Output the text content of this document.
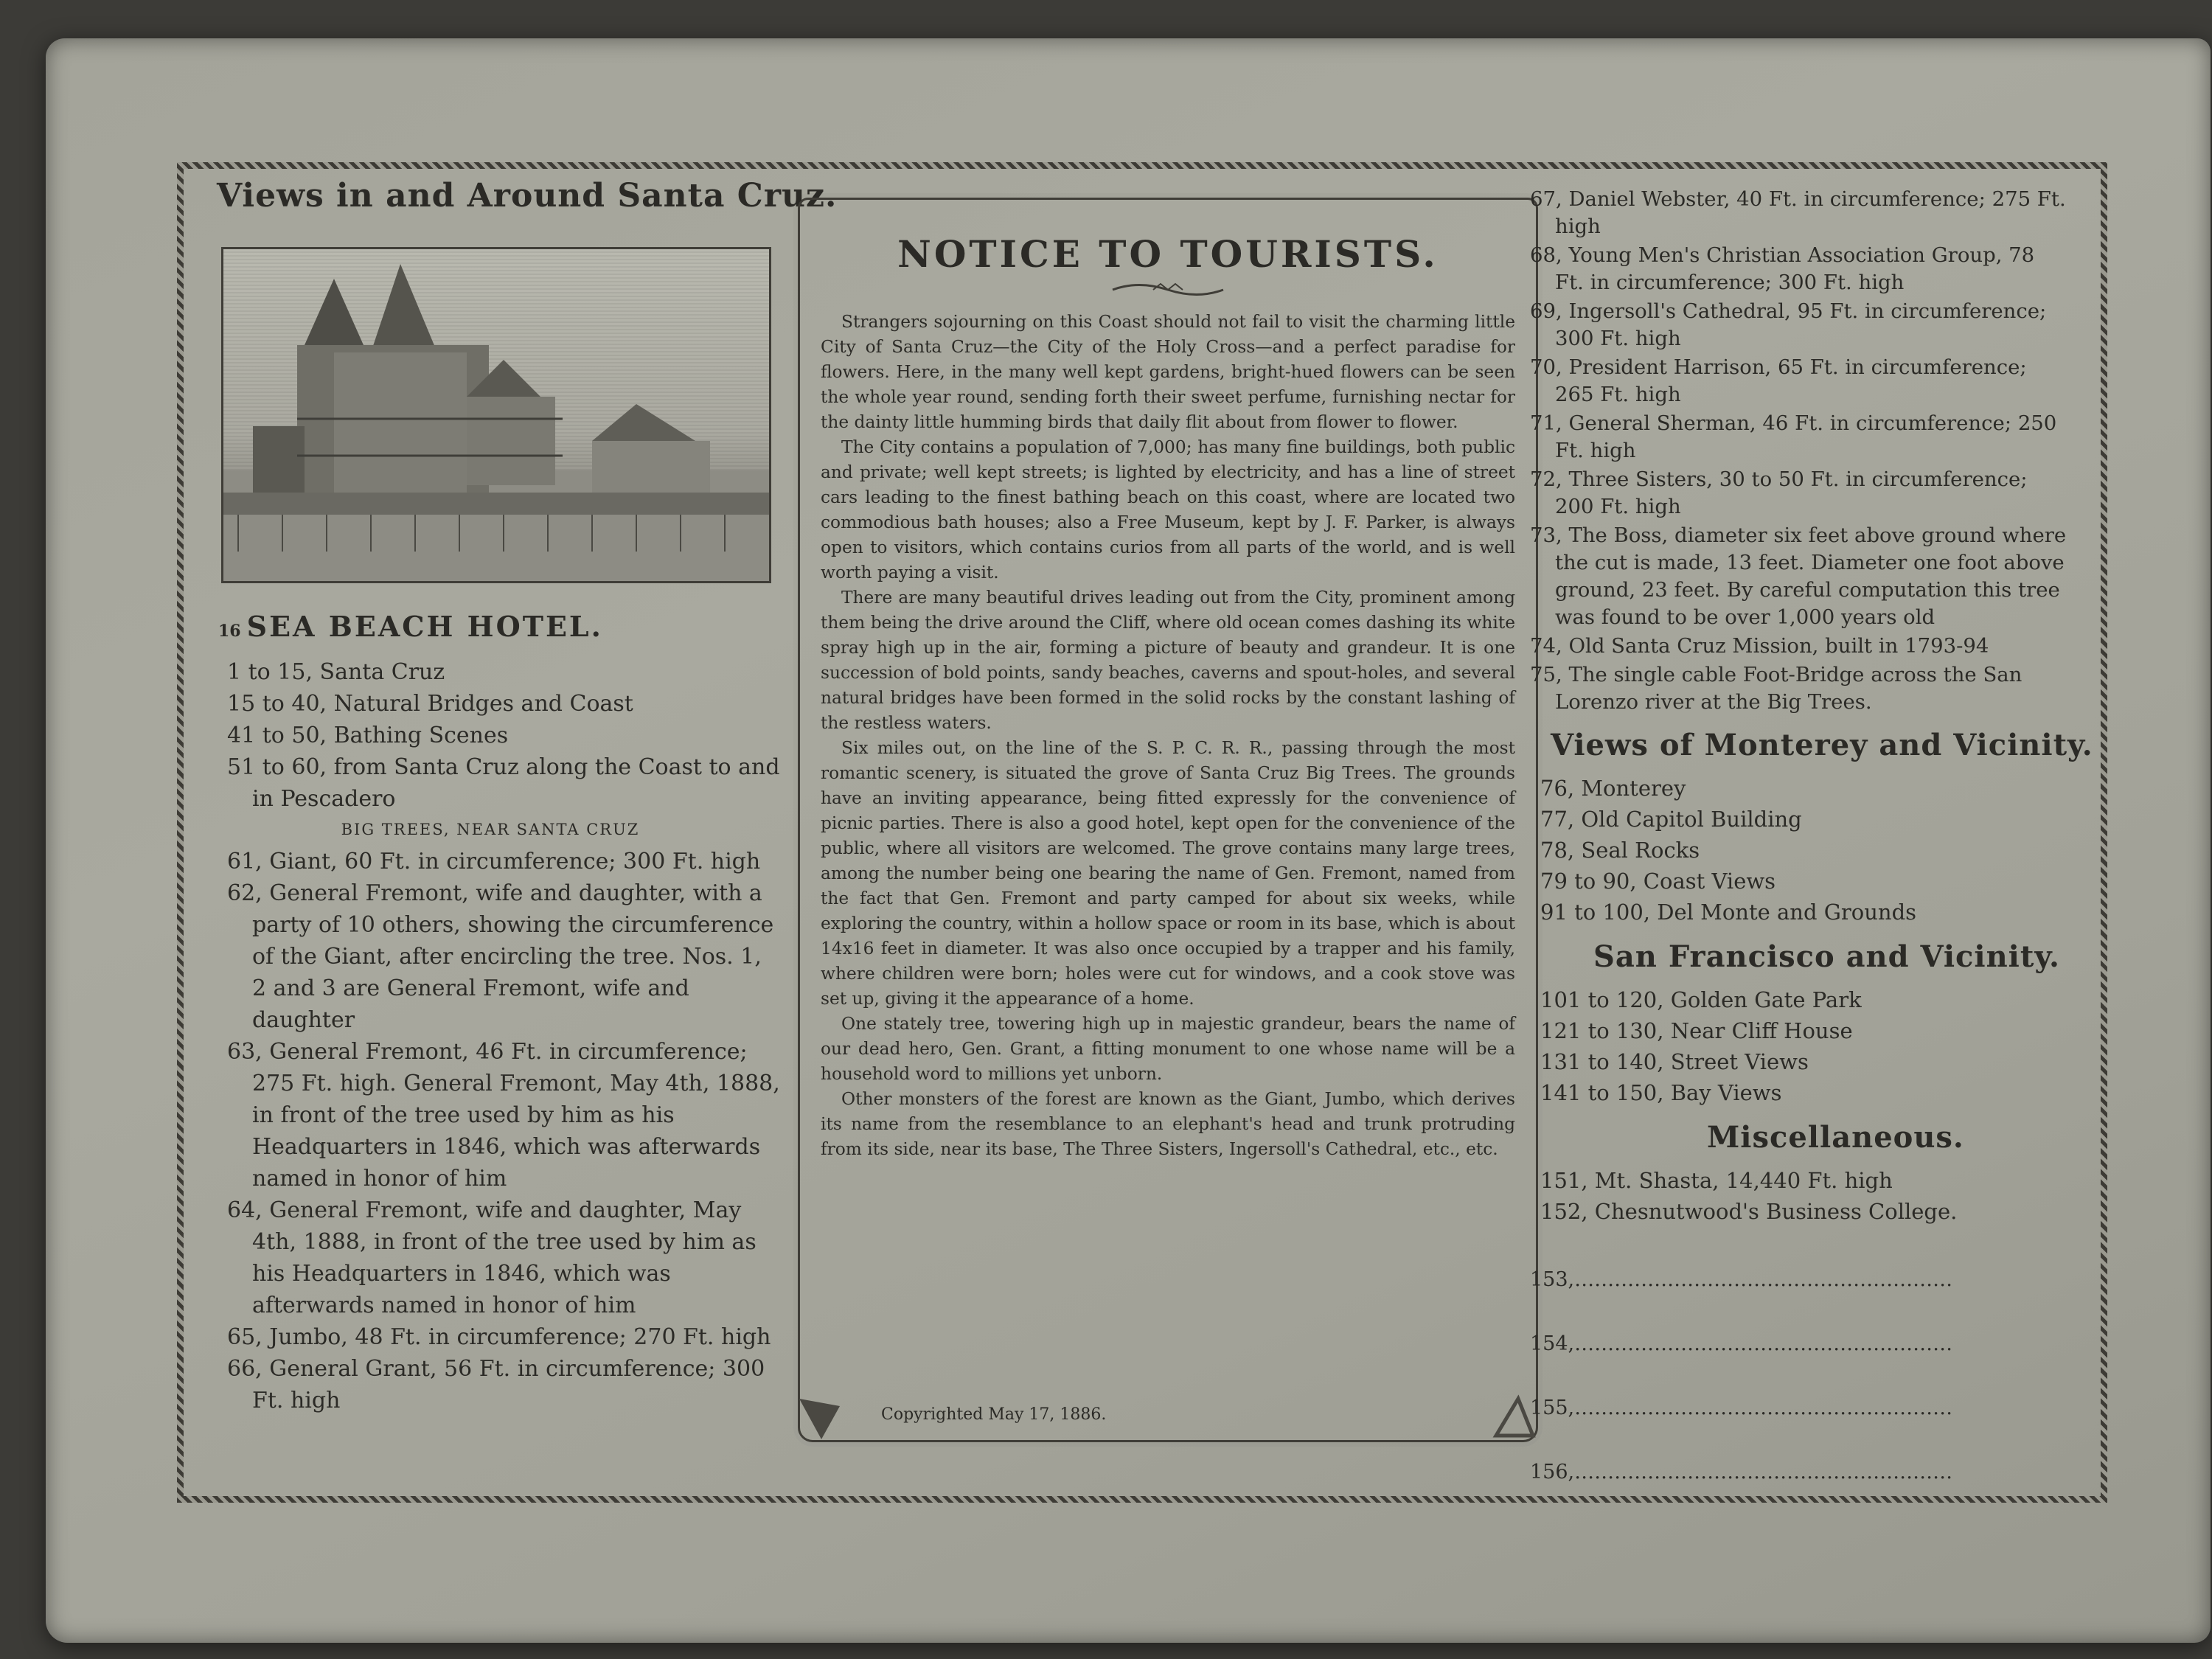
Views in and Around Santa Cruz.
16 SEA BEACH HOTEL.
1 to 15, Santa Cruz
15 to 40, Natural Bridges and Coast
41 to 50, Bathing Scenes
51 to 60, from Santa Cruz along the Coast to and in Pescadero
BIG TREES, NEAR SANTA CRUZ
61, Giant, 60 Ft. in circumference; 300 Ft. high
62, General Fremont, wife and daughter, with a party of 10 others, showing the circumference of the Giant, after encircling the tree. Nos. 1, 2 and 3 are General Fremont, wife and daughter
63, General Fremont, 46 Ft. in circumference; 275 Ft. high. General Fremont, May 4th, 1888, in front of the tree used by him as his Headquarters in 1846, which was afterwards named in honor of him
64, General Fremont, wife and daughter, May 4th, 1888, in front of the tree used by him as his Headquarters in 1846, which was afterwards named in honor of him
65, Jumbo, 48 Ft. in circumference; 270 Ft. high
66, General Grant, 56 Ft. in circumference; 300 Ft. high
NOTICE TO TOURISTS.

Strangers sojourning on this Coast should not fail to visit the charming little City of Santa Cruz—the City of the Holy Cross—and a perfect paradise for flowers. Here, in the many well kept gardens, bright-hued flowers can be seen the whole year round, sending forth their sweet perfume, furnishing nectar for the dainty little humming birds that daily flit about from flower to flower.

The City contains a population of 7,000; has many fine buildings, both public and private; well kept streets; is lighted by electricity, and has a line of street cars leading to the finest bathing beach on this coast, where are located two commodious bath houses; also a Free Museum, kept by J. F. Parker, is always open to visitors, which contains curios from all parts of the world, and is well worth paying a visit.

There are many beautiful drives leading out from the City, prominent among them being the drive around the Cliff, where old ocean comes dashing its white spray high up in the air, forming a picture of beauty and grandeur. It is one succession of bold points, sandy beaches, caverns and spout-holes, and several natural bridges have been formed in the solid rocks by the constant lashing of the restless waters.

Six miles out, on the line of the S. P. C. R. R., passing through the most romantic scenery, is situated the grove of Santa Cruz Big Trees. The grounds have an inviting appearance, being fitted expressly for the convenience of picnic parties. There is also a good hotel, kept open for the convenience of the public, where all visitors are welcomed. The grove contains many large trees, among the number being one bearing the name of Gen. Fremont, named from the fact that Gen. Fremont and party camped for about six weeks, while exploring the country, within a hollow space or room in its base, which is about 14x16 feet in diameter. It was also once occupied by a trapper and his family, where children were born; holes were cut for windows, and a cook stove was set up, giving it the appearance of a home.

One stately tree, towering high up in majestic grandeur, bears the name of our dead hero, Gen. Grant, a fitting monument to one whose name will be a household word to millions yet unborn.

Other monsters of the forest are known as the Giant, Jumbo, which derives its name from the resemblance to an elephant's head and trunk protruding from its side, near its base, The Three Sisters, Ingersoll's Cathedral, etc., etc.

Copyrighted May 17, 1886.
67, Daniel Webster, 40 Ft. in circumference; 275 Ft. high
68, Young Men's Christian Association Group, 78 Ft. in circumference; 300 Ft. high
69, Ingersoll's Cathedral, 95 Ft. in circumference; 300 Ft. high
70, President Harrison, 65 Ft. in circumference; 265 Ft. high
71, General Sherman, 46 Ft. in circumference; 250 Ft. high
72, Three Sisters, 30 to 50 Ft. in circumference; 200 Ft. high
73, The Boss, diameter six feet above ground where the cut is made, 13 feet. Diameter one foot above ground, 23 feet. By careful computation this tree was found to be over 1,000 years old
74, Old Santa Cruz Mission, built in 1793-94
75, The single cable Foot-Bridge across the San Lorenzo river at the Big Trees.
Views of Monterey and Vicinity.
76, Monterey
77, Old Capitol Building
78, Seal Rocks
79 to 90, Coast Views
91 to 100, Del Monte and Grounds
San Francisco and Vicinity.
101 to 120, Golden Gate Park
121 to 130, Near Cliff House
131 to 140, Street Views
141 to 150, Bay Views
Miscellaneous.
151, Mt. Shasta, 14,440 Ft. high
152, Chesnutwood's Business College.
153,…………………………………………………
154,…………………………………………………
155,…………………………………………………
156,…………………………………………………
